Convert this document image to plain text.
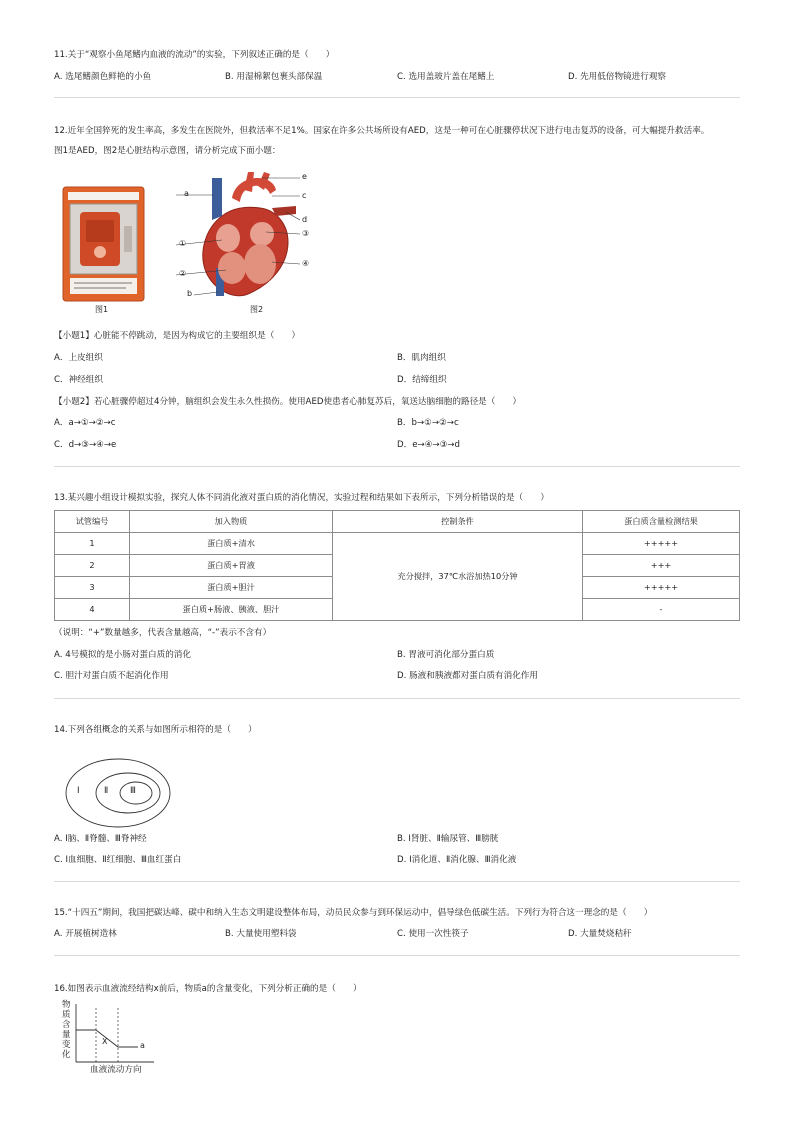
11.关于“观察小鱼尾鳍内血液的流动”的实验，下列叙述正确的是（　　）
A. 选尾鳍颜色鲜艳的小鱼	B. 用湿棉絮包裹头部保温	C. 选用盖玻片盖在尾鳍上	D. 先用低倍物镜进行观察
12.近年全国猝死的发生率高，多发生在医院外，但救活率不足1%。国家在许多公共场所设有AED，这是一种可在心脏骤停状况下进行电击复苏的设备，可大幅提升救活率。
图1是AED，图2是心脏结构示意图，请分析完成下面小题：
图1
a
b
c
d
e
①
②
③
④
图2
【小题1】心脏能不停跳动，是因为构成它的主要组织是（　　）
A．上皮组织	B．肌肉组织
C．神经组织	D．结缔组织
【小题2】若心脏骤停超过4分钟，脑组织会发生永久性损伤。使用AED使患者心肺复苏后，氧送达脑细胞的路径是（　　）
A．a→①→②→c	B．b→①→②→c
C．d→③→④→e	D．e→④→③→d
13.某兴趣小组设计模拟实验，探究人体不同消化液对蛋白质的消化情况，实验过程和结果如下表所示，下列分析错误的是（　　）
试管编号	加入物质	控制条件	蛋白质含量检测结果
1	蛋白质+清水	充分搅拌，37℃水浴加热10分钟	+++++
2	蛋白质+胃液		+++
3	蛋白质+胆汁		+++++
4	蛋白质+肠液、胰液、胆汁		-
（说明：“+”数量越多，代表含量越高，“-”表示不含有）
A. 4号模拟的是小肠对蛋白质的消化	B. 胃液可消化部分蛋白质
C. 胆汁对蛋白质不起消化作用	D. 肠液和胰液都对蛋白质有消化作用
14.下列各组概念的关系与如图所示相符的是（　　）
Ⅰ	Ⅱ	Ⅲ
A. Ⅰ脑、Ⅱ脊髓、Ⅲ脊神经	B. Ⅰ肾脏、Ⅱ输尿管、Ⅲ膀胱
C. Ⅰ血细胞、Ⅱ红细胞、Ⅲ血红蛋白	D. Ⅰ消化道、Ⅱ消化腺、Ⅲ消化液
15.“十四五”期间，我国把碳达峰、碳中和纳入生态文明建设整体布局，动员民众参与到环保运动中，倡导绿色低碳生活。下列行为符合这一理念的是（　　）
A. 开展植树造林	B. 大量使用塑料袋	C. 使用一次性筷子	D. 大量焚烧秸秆
16.如图表示血液流经结构x前后，物质a的含量变化，下列分析正确的是（　　）
物
质
含
量
变
化
X	a
血液流动方向
